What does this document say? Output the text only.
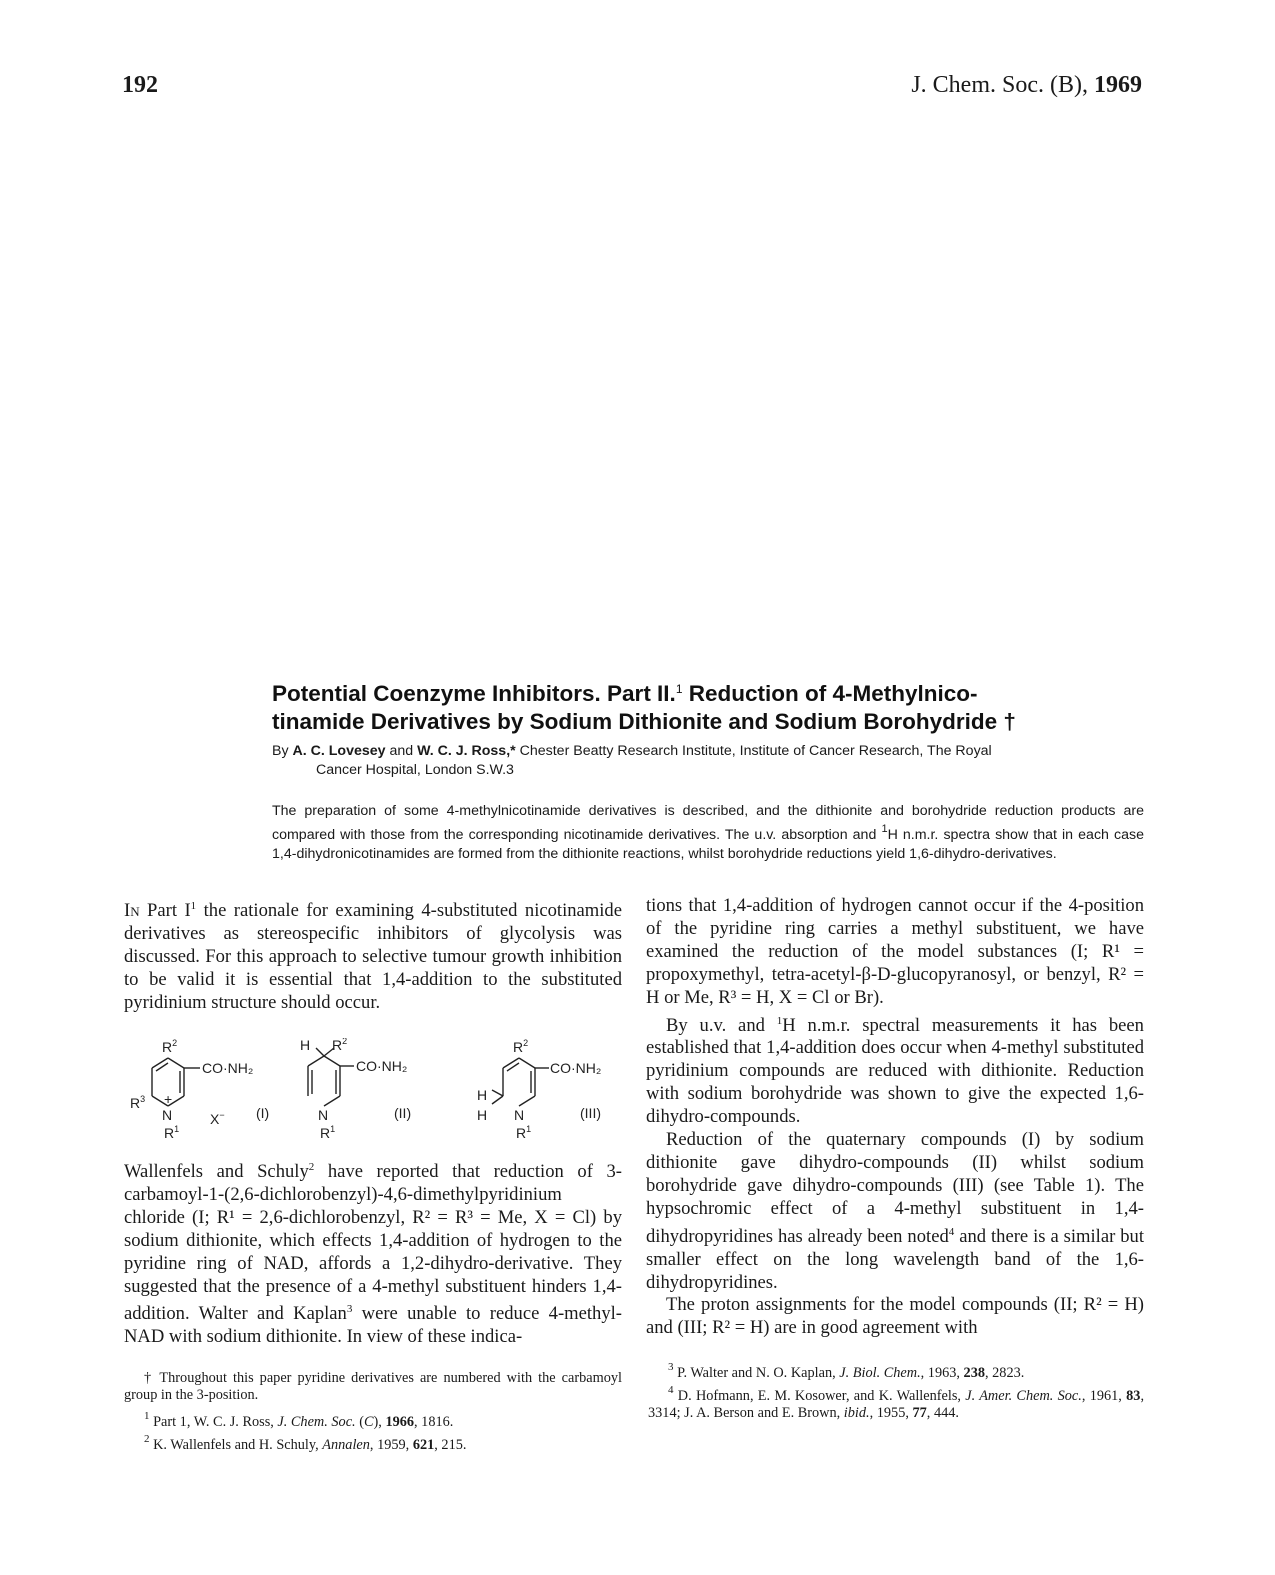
192	J. Chem. Soc. (B), 1969
Potential Coenzyme Inhibitors. Part II.$^1$ Reduction of 4-Methylnico-
tinamide Derivatives by Sodium Dithionite and Sodium Borohydride †
By A. C. Lovesey and W. C. J. Ross,* Chester Beatty Research Institute, Institute of Cancer Research, The Royal
Cancer Hospital, London S.W.3
The preparation of some 4-methylnicotinamide derivatives is described, and the dithionite and borohydride reduction products are compared with those from the corresponding nicotinamide derivatives. The u.v. absorption and $^1$H n.m.r. spectra show that in each case 1,4-dihydronicotinamides are formed from the dithionite reactions, whilst borohydride reductions yield 1,6-dihydro-derivatives.

In Part I$^1$ the rationale for examining 4-substituted nicotinamide derivatives as stereospecific inhibitors of glycolysis was discussed. For this approach to selective tumour growth inhibition to be valid it is essential that 1,4-addition to the substituted pyridinium structure should occur.

$R^2$
CO·NH₂
$R^3$ +
N
$R^1$
X− (I)
H $R^2$
CO·NH₂
N
$R^1$
(II)
$R^2$
CO·NH₂
H
H N
$R^1$
(III)

Wallenfels and Schuly$^2$ have reported that reduction of 3-carbamoyl-1-(2,6-dichlorobenzyl)-4,6-dimethylpyridinium chloride (I; R¹ = 2,6-dichlorobenzyl, R² = R³ = Me, X = Cl) by sodium dithionite, which effects 1,4-addition of hydrogen to the pyridine ring of NAD, affords a 1,2-dihydro-derivative. They suggested that the presence of a 4-methyl substituent hinders 1,4-addition. Walter and Kaplan$^3$ were unable to reduce 4-methyl-NAD with sodium dithionite. In view of these indica-

† Throughout this paper pyridine derivatives are numbered with the carbamoyl group in the 3-position.

$^1$ Part 1, W. C. J. Ross, J. Chem. Soc. (C), 1966, 1816.

$^2$ K. Wallenfels and H. Schuly, Annalen, 1959, 621, 215.

tions that 1,4-addition of hydrogen cannot occur if the 4-position of the pyridine ring carries a methyl substituent, we have examined the reduction of the model substances (I; R¹ = propoxymethyl, tetra-acetyl-β-D-glucopyranosyl, or benzyl, R² = H or Me, R³ = H, X = Cl or Br).

By u.v. and $^1$H n.m.r. spectral measurements it has been established that 1,4-addition does occur when 4-methyl substituted pyridinium compounds are reduced with dithionite. Reduction with sodium borohydride was shown to give the expected 1,6-dihydro-compounds.

Reduction of the quaternary compounds (I) by sodium dithionite gave dihydro-compounds (II) whilst sodium borohydride gave dihydro-compounds (III) (see Table 1). The hypsochromic effect of a 4-methyl substituent in 1,4-dihydropyridines has already been noted$^4$ and there is a similar but smaller effect on the long wavelength band of the 1,6-dihydropyridines.

The proton assignments for the model compounds (II; R² = H) and (III; R² = H) are in good agreement with

$^3$ P. Walter and N. O. Kaplan, J. Biol. Chem., 1963, 238, 2823.

$^4$ D. Hofmann, E. M. Kosower, and K. Wallenfels, J. Amer. Chem. Soc., 1961, 83, 3314; J. A. Berson and E. Brown, ibid., 1955, 77, 444.
